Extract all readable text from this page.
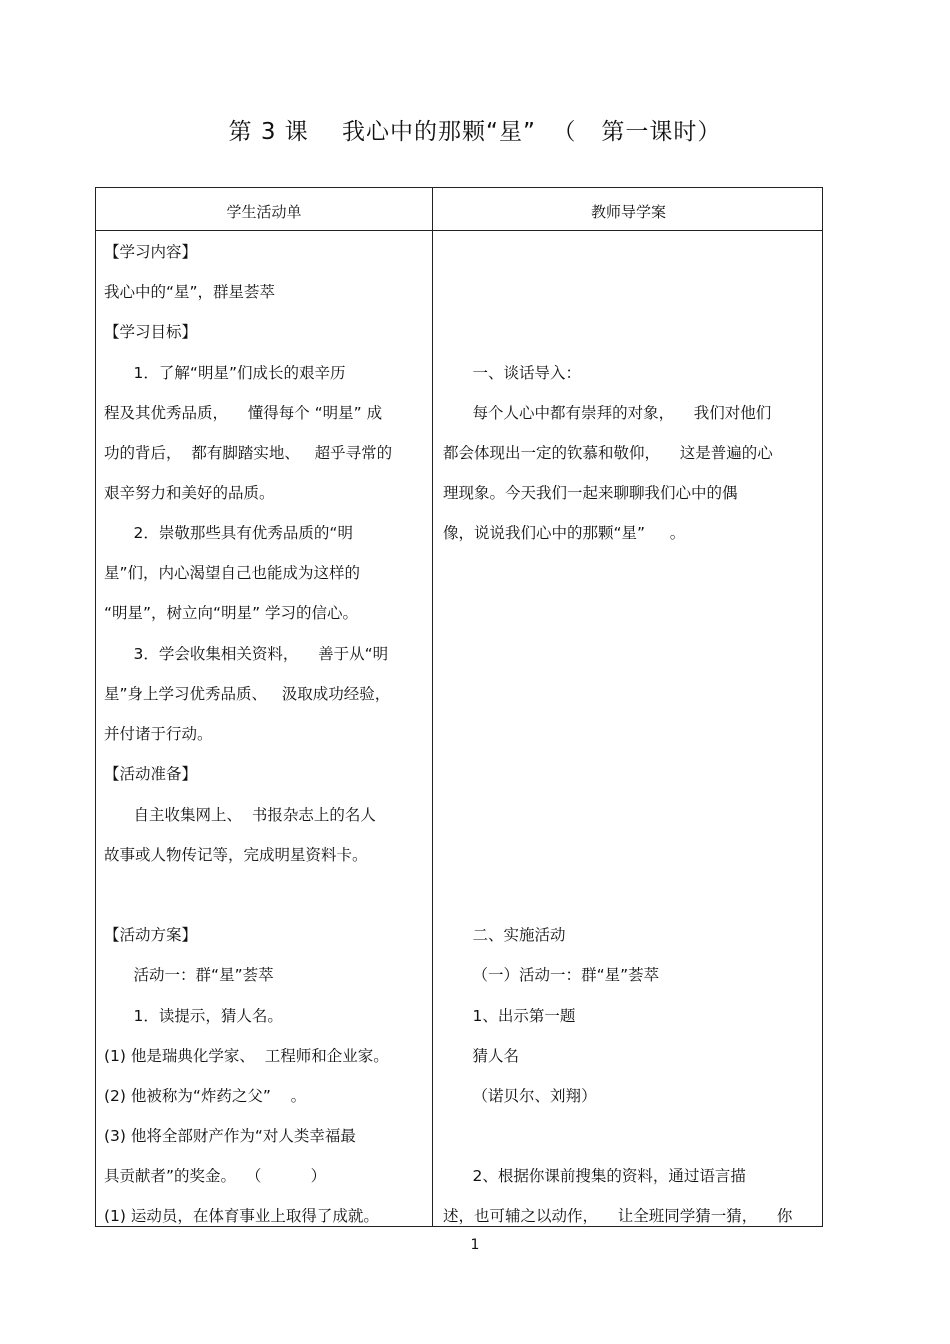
第 3 课    我心中的那颗“星”  （   第一课时）
学生活动单	教师导学案
【学习内容】
我心中的“星”，群星荟萃
【学习目标】
1．了解“明星”们成长的艰辛历
程及其优秀品质，    懂得每个 “明星” 成
功的背后，  都有脚踏实地、   超乎寻常的
艰辛努力和美好的品质。
2．崇敬那些具有优秀品质的“明
星”们，内心渴望自己也能成为这样的
“明星”，树立向“明星” 学习的信心。
3．学会收集相关资料，    善于从“明
星”身上学习优秀品质、   汲取成功经验，
并付诸于行动。
【活动准备】
自主收集网上、  书报杂志上的名人
故事或人物传记等，完成明星资料卡。
【活动方案】
活动一：群“星”荟萃
1．读提示，猜人名。
(1) 他是瑞典化学家、  工程师和企业家。
(2) 他被称为“炸药之父”    。
(3) 他将全部财产作为“对人类幸福最
具贡献者”的奖金。  （          ）
(1) 运动员，在体育事业上取得了成就。
一、谈话导入：
每个人心中都有崇拜的对象，    我们对他们
都会体现出一定的钦慕和敬仰，    这是普遍的心
理现象。今天我们一起来聊聊我们心中的偶
像，说说我们心中的那颗“星”     。
二、实施活动
（一）活动一：群“星”荟萃
1、出示第一题
猜人名
（诺贝尔、刘翔）
2、根据你课前搜集的资料，通过语言描
述，也可辅之以动作，    让全班同学猜一猜，    你
1
